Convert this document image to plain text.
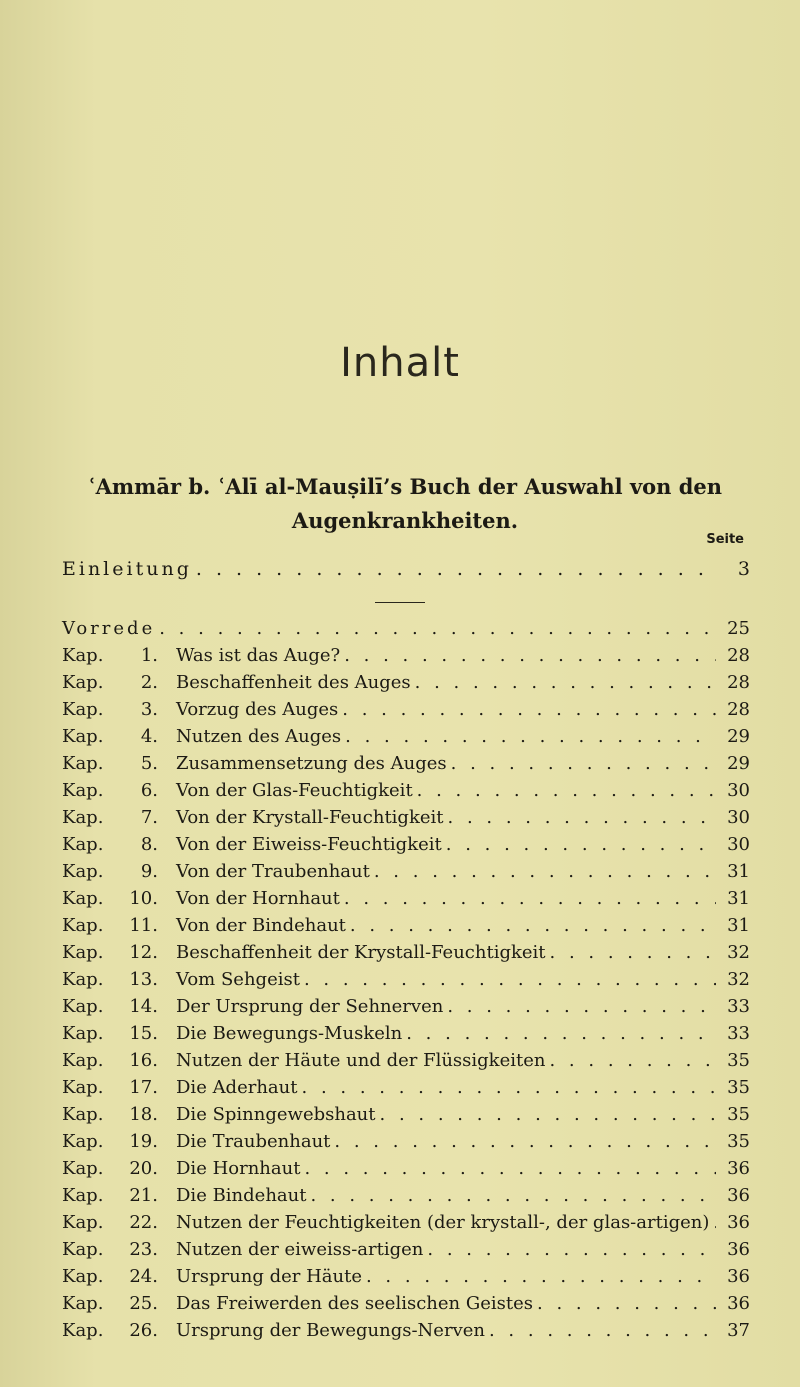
Inhalt
ʿAmmār b. ʿAlī al-Mauṣilī’s Buch der Auswahl von den Augenkrankheiten.
Seite
Einleitung . . .	3
Vorrede . . .	25
Kap.	1.	Was ist das Auge? . . .	28
Kap.	2.	Beschaffenheit des Auges . . .	28
Kap.	3.	Vorzug des Auges . . .	28
Kap.	4.	Nutzen des Auges . . .	29
Kap.	5.	Zusammensetzung des Auges . . .	29
Kap.	6.	Von der Glas-Feuchtigkeit . . .	30
Kap.	7.	Von der Krystall-Feuchtigkeit . . .	30
Kap.	8.	Von der Eiweiss-Feuchtigkeit . . .	30
Kap.	9.	Von der Traubenhaut . . .	31
Kap.	10.	Von der Hornhaut . . .	31
Kap.	11.	Von der Bindehaut . . .	31
Kap.	12.	Beschaffenheit der Krystall-Feuchtigkeit . . .	32
Kap.	13.	Vom Sehgeist . . .	32
Kap.	14.	Der Ursprung der Sehnerven . . .	33
Kap.	15.	Die Bewegungs-Muskeln . . .	33
Kap.	16.	Nutzen der Häute und der Flüssigkeiten . . .	35
Kap.	17.	Die Aderhaut . . .	35
Kap.	18.	Die Spinngewebshaut . . .	35
Kap.	19.	Die Traubenhaut . . .	35
Kap.	20.	Die Hornhaut . . .	36
Kap.	21.	Die Bindehaut . . .	36
Kap.	22.	Nutzen der Feuchtigkeiten (der krystall-, der glas-artigen) . . . 36
Kap.	23.	Nutzen der eiweiss-artigen . . .	36
Kap.	24.	Ursprung der Häute . . .	36
Kap.	25.	Das Freiwerden des seelischen Geistes . . .	36
Kap.	26.	Ursprung der Bewegungs-Nerven . . .	37
